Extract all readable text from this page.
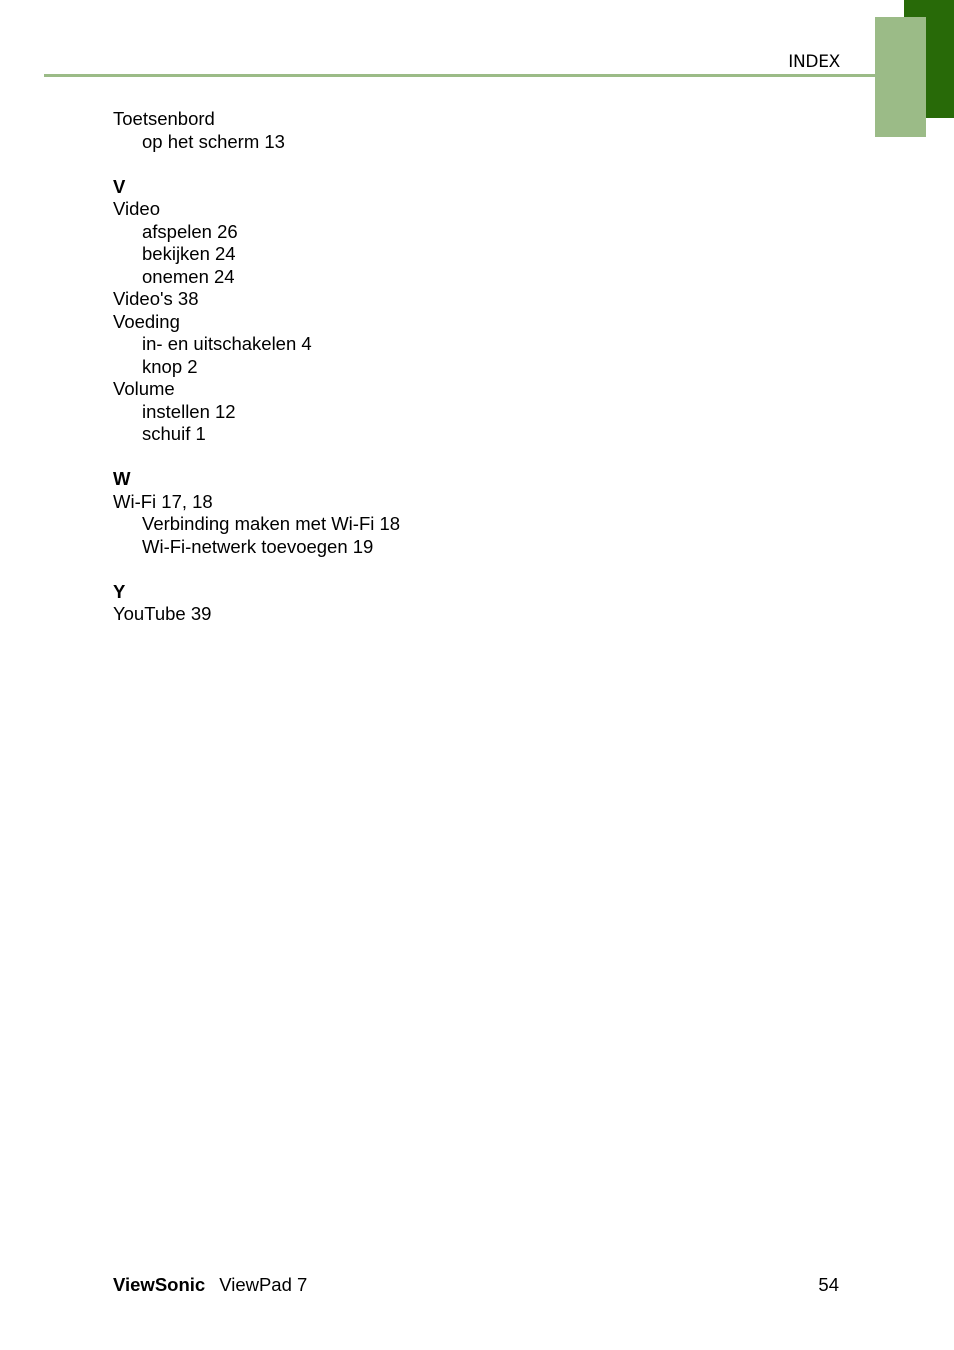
INDEX
Toetsenbord
op het scherm 13
V
Video
afspelen 26
bekijken 24
onemen 24
Video's 38
Voeding
in- en uitschakelen 4
knop 2
Volume
instellen 12
schuif 1
W
Wi-Fi 17, 18
Verbinding maken met Wi-Fi 18
Wi-Fi-netwerk toevoegen 19
Y
YouTube 39
ViewSonic ViewPad 7	54
